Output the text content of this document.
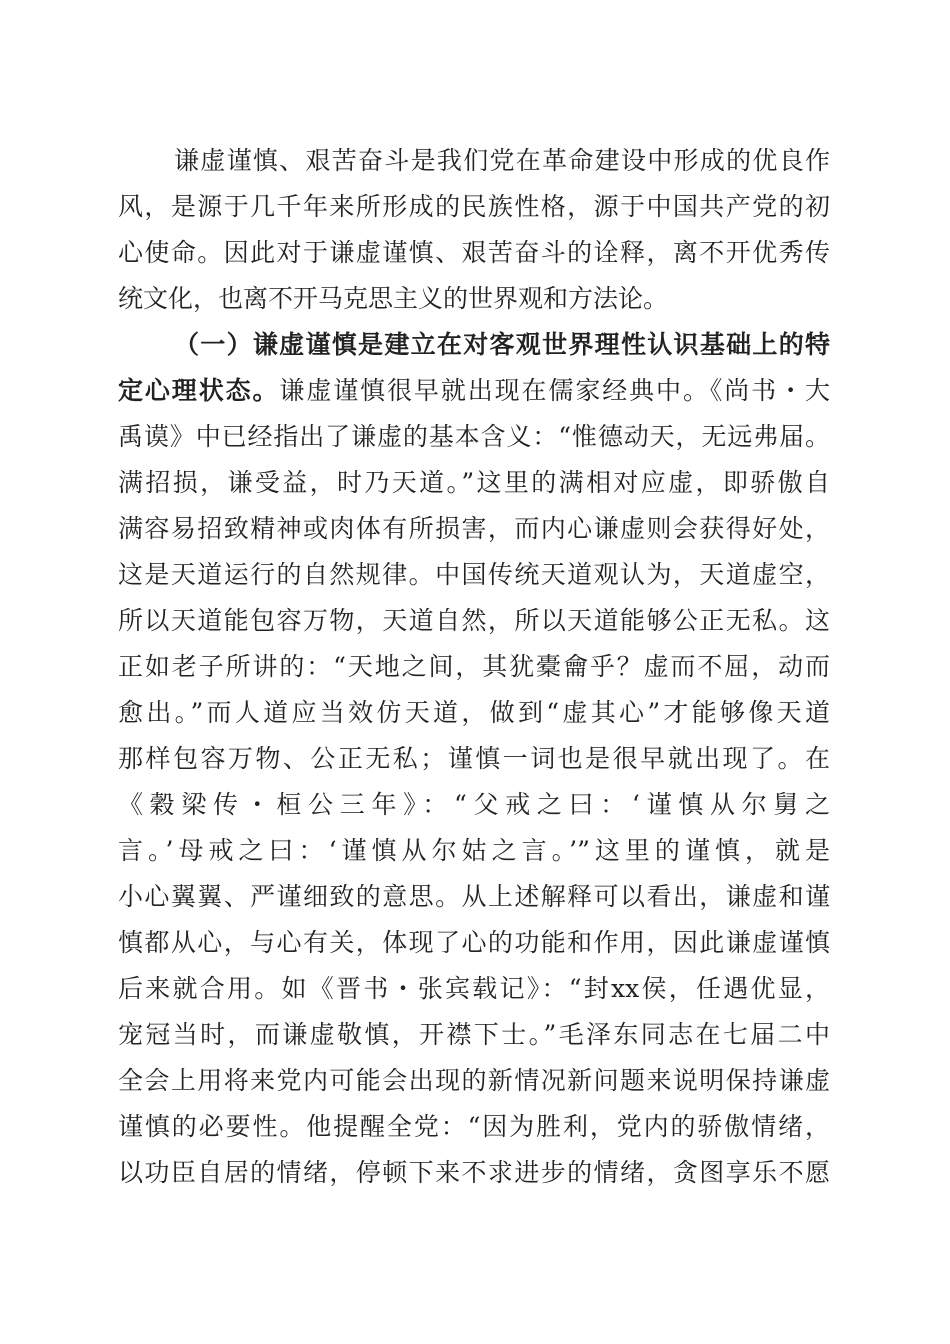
谦虚谨慎、艰苦奋斗是我们党在革命建设中形成的优良作
风，是源于几千年来所形成的民族性格，源于中国共产党的初
心使命。因此对于谦虚谨慎、艰苦奋斗的诠释，离不开优秀传
统文化，也离不开马克思主义的世界观和方法论。
（一）谦虚谨慎是建立在对客观世界理性认识基础上的特
定心理状态。谦虚谨慎很早就出现在儒家经典中。《尚书・大
禹谟》中已经指出了谦虚的基本含义：“惟德动天，无远弗届。
满招损，谦受益，时乃天道。”这里的满相对应虚，即骄傲自
满容易招致精神或肉体有所损害，而内心谦虚则会获得好处，
这是天道运行的自然规律。中国传统天道观认为，天道虚空，
所以天道能包容万物，天道自然，所以天道能够公正无私。这
正如老子所讲的：“天地之间，其犹橐龠乎？虚而不屈，动而
愈出。”而人道应当效仿天道，做到“虚其心”才能够像天道
那样包容万物、公正无私；谨慎一词也是很早就出现了。在
《穀梁传・桓公三年》：“父戒之曰：‘谨慎从尔舅之
言。’母戒之曰：‘谨慎从尔姑之言。’”这里的谨慎，就是
小心翼翼、严谨细致的意思。从上述解释可以看出，谦虚和谨
慎都从心，与心有关，体现了心的功能和作用，因此谦虚谨慎
后来就合用。如《晋书・张宾载记》：“封xx侯，任遇优显，
宠冠当时，而谦虚敬慎，开襟下士。”毛泽东同志在七届二中
全会上用将来党内可能会出现的新情况新问题来说明保持谦虚
谨慎的必要性。他提醒全党：“因为胜利，党内的骄傲情绪，
以功臣自居的情绪，停顿下来不求进步的情绪，贪图享乐不愿
